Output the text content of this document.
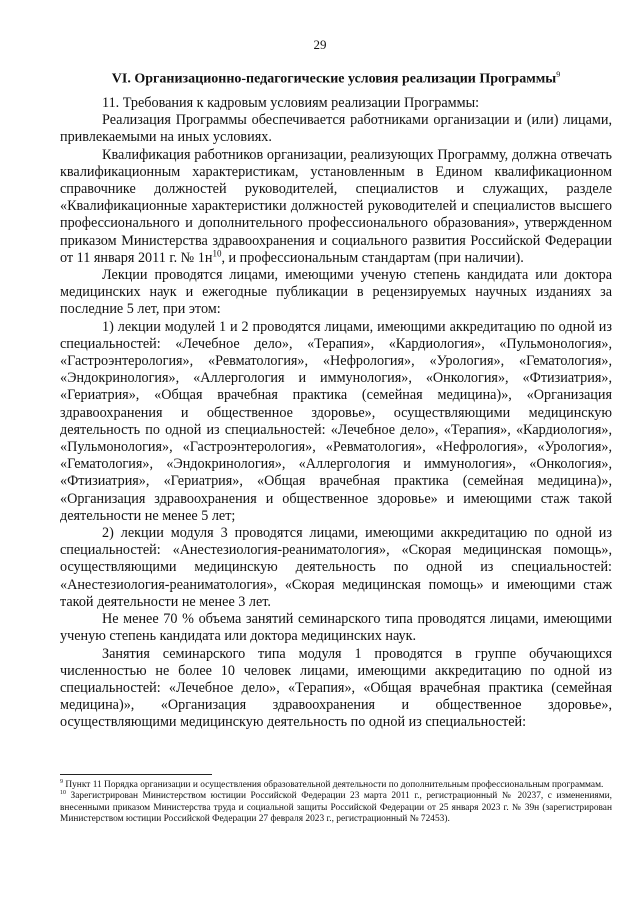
29
VI. Организационно-педагогические условия реализации Программы$^9$

11. Требования к кадровым условиям реализации Программы:

Реализация Программы обеспечивается работниками организации и (или) лицами, привлекаемыми на иных условиях.

Квалификация работников организации, реализующих Программу, должна отвечать квалификационным характеристикам, установленным в Едином квалификационном справочнике должностей руководителей, специалистов и служащих, разделе «Квалификационные характеристики должностей руководителей и специалистов высшего профессионального и дополнительного профессионального образования», утвержденном приказом Министерства здравоохранения и социального развития Российской Федерации от 11 января 2011 г. № $1н^{10}$, и профессиональным стандартам (при наличии).

Лекции проводятся лицами, имеющими ученую степень кандидата или доктора медицинских наук и ежегодные публикации в рецензируемых научных изданиях за последние 5 лет, при этом:

1) лекции модулей 1 и 2 проводятся лицами, имеющими аккредитацию по одной из специальностей: «Лечебное дело», «Терапия», «Кардиология», «Пульмонология», «Гастроэнтерология», «Ревматология», «Нефрология», «Урология», «Гематология», «Эндокринология», «Аллергология и иммунология», «Онкология», «Фтизиатрия», «Гериатрия», «Общая врачебная практика (семейная медицина)», «Организация здравоохранения и общественное здоровье», осуществляющими медицинскую деятельность по одной из специальностей: «Лечебное дело», «Терапия», «Кардиология», «Пульмонология», «Гастроэнтерология», «Ревматология», «Нефрология», «Урология», «Гематология», «Эндокринология», «Аллергология и иммунология», «Онкология», «Фтизиатрия», «Гериатрия», «Общая врачебная практика (семейная медицина)», «Организация здравоохранения и общественное здоровье» и имеющими стаж такой деятельности не менее 5 лет;

2) лекции модуля 3 проводятся лицами, имеющими аккредитацию по одной из специальностей: «Анестезиология-реаниматология», «Скорая медицинская помощь», осуществляющими медицинскую деятельность по одной из специальностей: «Анестезиология-реаниматология», «Скорая медицинская помощь» и имеющими стаж такой деятельности не менее 3 лет.

Не менее 70 % объема занятий семинарского типа проводятся лицами, имеющими ученую степень кандидата или доктора медицинских наук.

Занятия семинарского типа модуля 1 проводятся в группе обучающихся численностью не более 10 человек лицами, имеющими аккредитацию по одной из специальностей: «Лечебное дело», «Терапия», «Общая врачебная практика (семейная медицина)», «Организация здравоохранения и общественное здоровье», осуществляющими медицинскую деятельность по одной из специальностей:

$^9$ Пункт 11 Порядка организации и осуществления образовательной деятельности по дополнительным профессиональным программам.

$^{10}$ Зарегистрирован Министерством юстиции Российской Федерации 23 марта 2011 г., регистрационный № 20237, с изменениями, внесенными приказом Министерства труда и социальной защиты Российской Федерации от 25 января 2023 г. № 39н (зарегистрирован Министерством юстиции Российской Федерации 27 февраля 2023 г., регистрационный № 72453).
